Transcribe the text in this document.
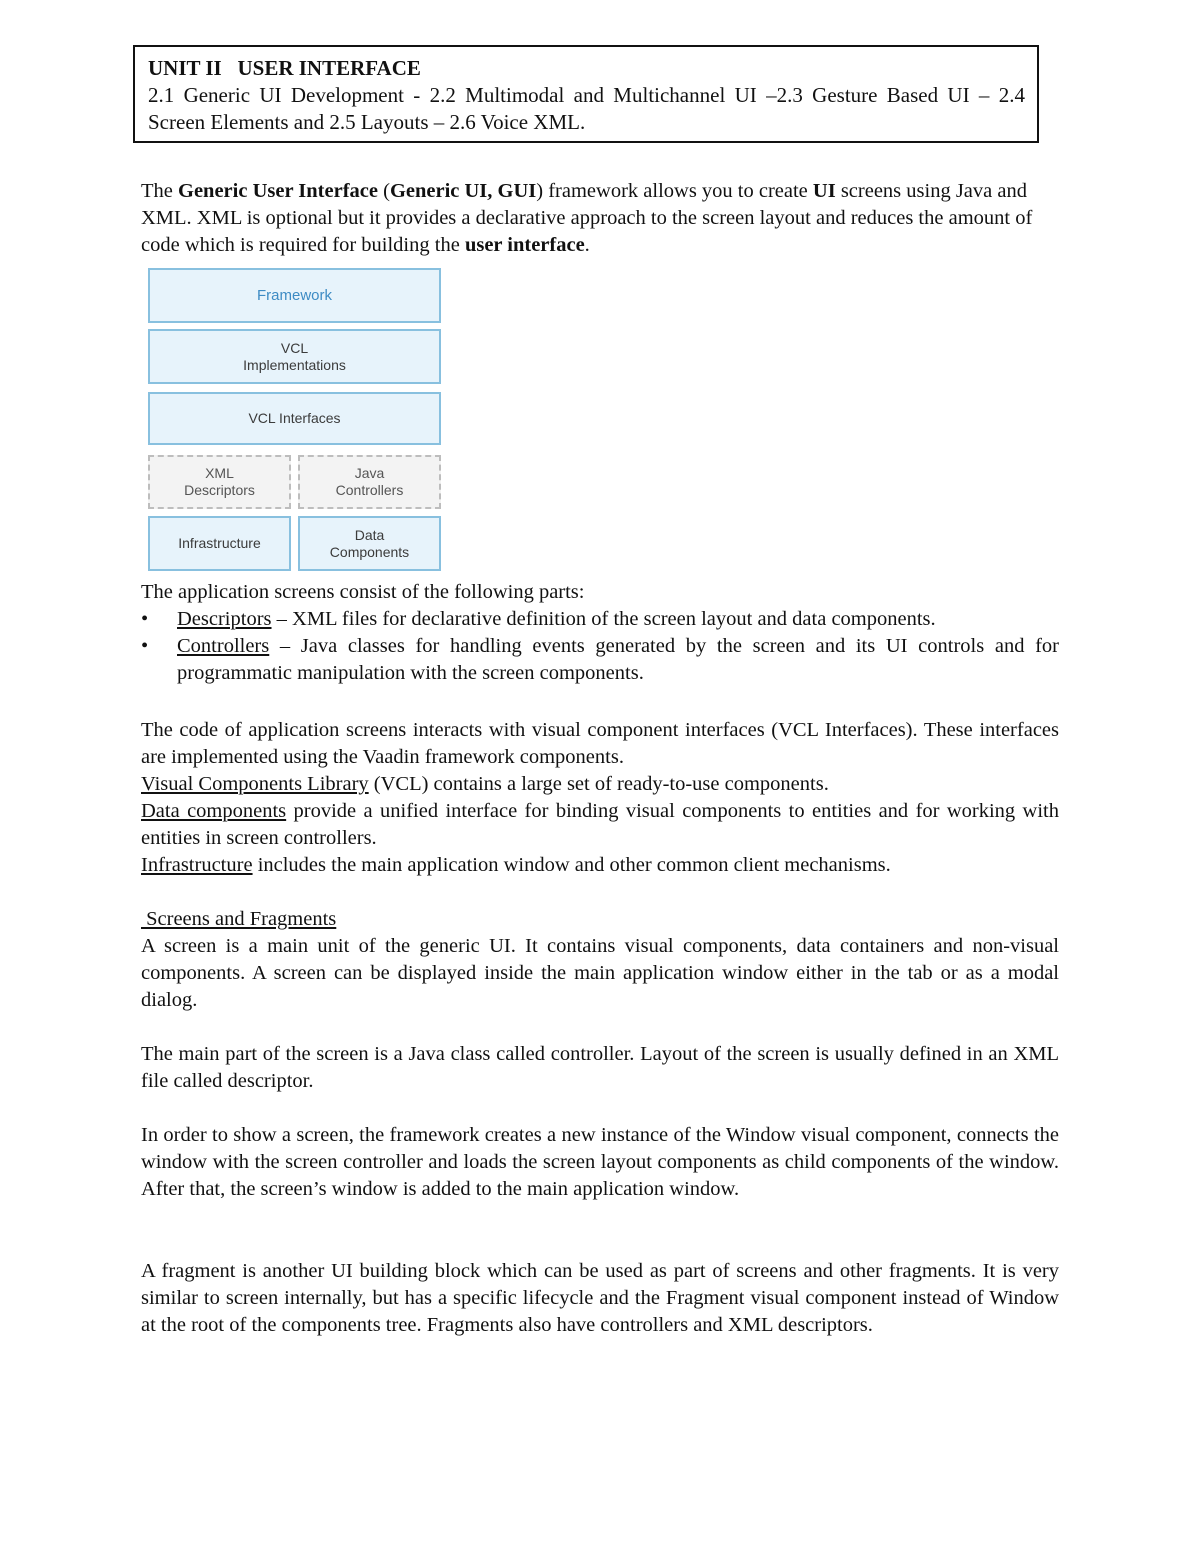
UNIT II   USER INTERFACE
2.1 Generic UI Development - 2.2 Multimodal and Multichannel UI –2.3 Gesture Based UI – 2.4 Screen Elements and 2.5 Layouts – 2.6 Voice XML.
The Generic User Interface (Generic UI, GUI) framework allows you to create UI screens using Java and XML. XML is optional but it provides a declarative approach to the screen layout and reduces the amount of code which is required for building the user interface.
Framework
VCL
Implementations
VCL Interfaces
XML
Descriptors
Java
Controllers
Infrastructure
Data
Components
The application screens consist of the following parts:
•	Descriptors – XML files for declarative definition of the screen layout and data components.
•	Controllers – Java classes for handling events generated by the screen and its UI controls and for programmatic manipulation with the screen components.

The code of application screens interacts with visual component interfaces (VCL Interfaces). These interfaces are implemented using the Vaadin framework components.

Visual Components Library (VCL) contains a large set of ready-to-use components.

Data components provide a unified interface for binding visual components to entities and for working with entities in screen controllers.

Infrastructure includes the main application window and other common client mechanisms.

Screens and Fragments

A screen is a main unit of the generic UI. It contains visual components, data containers and non-visual components. A screen can be displayed inside the main application window either in the tab or as a modal dialog.

The main part of the screen is a Java class called controller. Layout of the screen is usually defined in an XML file called descriptor.
In order to show a screen, the framework creates a new instance of the Window visual component, connects the window with the screen controller and loads the screen layout components as child components of the window. After that, the screen’s window is added to the main application window.
A fragment is another UI building block which can be used as part of screens and other fragments. It is very similar to screen internally, but has a specific lifecycle and the Fragment visual component instead of Window at the root of the components tree. Fragments also have controllers and XML descriptors.
